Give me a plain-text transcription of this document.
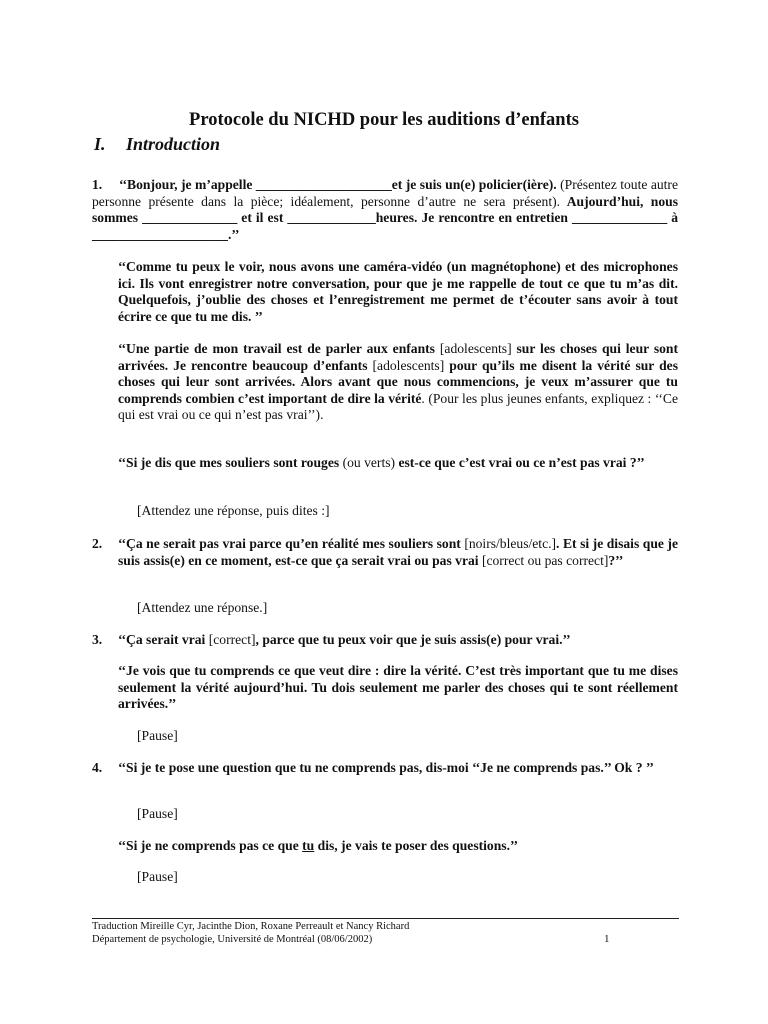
Protocole du NICHD pour les auditions d’enfants
I. Introduction
1.	‘‘Bonjour, je m’appelle ____________________et je suis un(e) policier(ière). (Présentez toute autre personne présente dans la pièce; idéalement, personne d’autre ne sera présent). Aujourd’hui, nous sommes ______________ et il est _____________heures. Je rencontre en entretien ______________ à ____________________.’’
‘‘Comme tu peux le voir, nous avons une caméra-vidéo (un magnétophone) et des microphones ici. Ils vont enregistrer notre conversation, pour que je me rappelle de tout ce que tu m’as dit. Quelquefois, j’oublie des choses et l’enregistrement me permet de t’écouter sans avoir à tout écrire ce que tu me dis. ’’
‘‘Une partie de mon travail est de parler aux enfants [adolescents] sur les choses qui leur sont arrivées. Je rencontre beaucoup d’enfants [adolescents] pour qu’ils me disent la vérité sur des choses qui leur sont arrivées. Alors avant que nous commencions, je veux m’assurer que tu comprends combien c’est important de dire la vérité. (Pour les plus jeunes enfants, expliquez : ‘‘Ce qui est vrai ou ce qui n’est pas vrai’’).
‘‘Si je dis que mes souliers sont rouges (ou verts) est-ce que c’est vrai ou ce n’est pas vrai ?’’
[Attendez une réponse, puis dites :]
2. ‘‘Ça ne serait pas vrai parce qu’en réalité mes souliers sont [noirs/bleus/etc.]. Et si je disais que je suis assis(e) en ce moment, est-ce que ça serait vrai ou pas vrai [correct ou pas correct]?’’
[Attendez une réponse.]
3. ‘‘Ça serait vrai [correct], parce que tu peux voir que je suis assis(e) pour vrai.’’
‘‘Je vois que tu comprends ce que veut dire : dire la vérité. C’est très important que tu me dises seulement la vérité aujourd’hui. Tu dois seulement me parler des choses qui te sont réellement arrivées.’’
[Pause]
4. ‘‘Si je te pose une question que tu ne comprends pas, dis-moi ‘‘Je ne comprends pas.’’ Ok ? ’’
[Pause]
‘‘Si je ne comprends pas ce que tu dis, je vais te poser des questions.’’
[Pause]
Traduction Mireille Cyr, Jacinthe Dion, Roxane Perreault et Nancy Richard
Département de psychologie, Université de Montréal (08/06/2002)	1
